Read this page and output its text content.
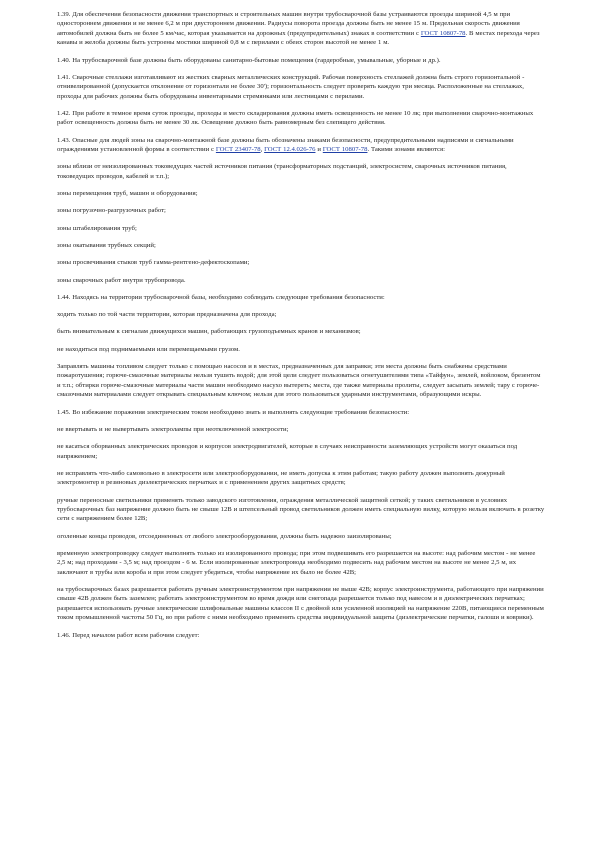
1.39. Для обеспечения безопасности движения транспортных и строительных машин внутри трубосварочной базы устраиваются проезды шириной 4,5 м при одностороннем движении и не менее 6,2 м при двустороннем движении. Радиусы поворота проезда должны быть не менее 15 м. Предельная скорость движения автомобилей должна быть не более 5 км/час, которая указывается на дорожных (предупредительных) знаках в соответствии с ГОСТ 10807-78. В местах перехода через канавы и желоба должны быть устроены мостики шириной 0,8 м с перилами с обеих сторон высотой не менее 1 м.

1.40. На трубосварочной базе должны быть оборудованы санитарно-бытовые помещения (гардеробные, умывальные, уборные и др.).

1.41. Сварочные стеллажи изготавливают из жестких сварных металлических конструкций. Рабочая поверхность стеллажей должна быть строго горизонтальной - отнивелированной (допускается отклонение от горизонтали не более 30'); горизонтальность следует проверять каждую три месяца. Расположенные на стеллажах, проходы для рабочих должны быть оборудованы инвентарными стремянками или лестницами с перилами.

1.42. При работе в темное время суток проезды, проходы и место складирования должны иметь освещенность не менее 10 лк; при выполнении сварочно-монтажных работ освещенность должна быть не менее 30 лк. Освещение должно быть равномерным без слепящего действия.

1.43. Опасные для людей зоны на сварочно-монтажной базе должны быть обозначены знаками безопасности, предупредительными надписями и сигнальными ограждениями установленной формы в соответствии с ГОСТ 23407-78, ГОСТ 12.4.026-76 и ГОСТ 10807-78. Такими зонами являются:

зоны вблизи от неизолированных токоведущих частей источников питания (трансформаторных подстанций, электросистем, сварочных источников питания, токоведущих проводов, кабелей и т.п.);

зоны перемещения труб, машин и оборудования;

зоны погрузочно-разгрузочных работ;

зоны штабелирования труб;

зоны окатывания трубных секций;

зоны просвечивания стыков труб гамма-рентгено-дефектоскопами;

зоны сварочных работ внутри трубопровода.

1.44. Находясь на территории трубосварочной базы, необходимо соблюдать следующие требования безопасности:

ходить только по той части территории, которая предназначена для прохода;

быть внимательным к сигналам движущихся машин, работающих грузоподъемных кранов и механизмов;

не находиться под поднимаемыми или перемещаемыми грузом.

Заправлять машины топливом следует только с помощью насосов и в местах, предназначенных для заправки; эти места должны быть снабжены средствами пожаротушения; горюче-смазочные материалы нельзя тушить водой; для этой цели следует пользоваться огнетушителями типа «Тайфун», землей, войлоком, брезентом и т.п.; обтирки горюче-смазочные материалы части машин необходимо насухо вытереть; места, где также материалы пролиты, следует засыпать землей; тару с горюче-смазочными материалами следует открывать специальным ключом; нельзя для этого пользоваться ударными инструментами, образующими искры.

1.45. Во избежание поражения электрическим током необходимо знать и выполнять следующие требования безопасности:

не ввертывать и не вывертывать электролампы при неотключенной электросети;

не касаться оборванных электрических проводов и корпусов электродвигателей, которые в случаях неисправности заземляющих устройств могут оказаться под напряжением;

не исправлять что-либо самовольно в электросети или электрооборудовании, не иметь допуска к этим работам; такую работу должен выполнять дежурный электромонтер в резиновых диэлектрических перчатках и с применением других защитных средств;

ручные переносные светильники применять только заводского изготовления, ограждения металлической защитной сеткой; у таких светильников в условиях трубосварочных баз напряжение должно быть не свыше 12В и штепсельный провод светильников должен иметь специальную вилку, которую нельзя включать в розетку сети с напряжением более 12В;

оголенные концы проводов, отсоединенных от любого электрооборудования, должны быть надежно заизолированы;

временную электропроводку следует выполнять только из изолированного провода; при этом подвешивать его разрешается на высоте: над рабочим местом - не менее 2,5 м; над проходами - 3,5 м; над проездом - 6 м. Если изолированные электропровода необходимо подвесить над рабочим местом на высоте не менее 2,5 м, их заключают в трубы или короба и при этом следует убедиться, чтобы напряжение их было не более 42В;

на трубосварочных базах разрешается работать ручным электроинструментом при напряжении не выше 42В; корпус электроинструмента, работающего при напряжении свыше 42В должен быть заземлен; работать электроинструментом во время дождя или снегопада разрешается только под навесом и в диэлектрических перчатках; разрешается использовать ручные электрические шлифовальные машины классов II с двойной или усиленной изоляцией на напряжение 220В, питающиеся переменным током промышленной частоты 50 Гц, во при работе с ними необходимо применять средства индивидуальной защиты (диэлектрические перчатки, галоши и коврики).

1.46. Перед началом работ всем рабочим следует:
